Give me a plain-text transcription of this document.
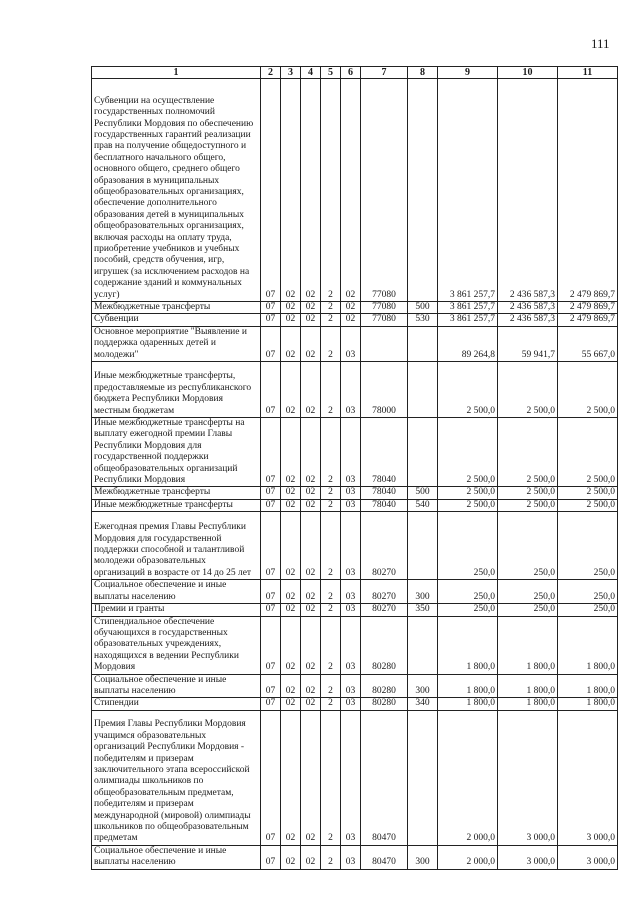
111
1	2	3	4	5	6	7	8	9	10	11
Субвенции на осуществление государственных полномочий Республики Мордовия по обеспечению государственных гарантий реализации прав на получение общедоступного и бесплатного начального общего, основного общего, среднего общего образования в муниципальных общеобразовательных организациях, обеспечение дополнительного образования детей в муниципальных общеобразовательных организациях, включая расходы на оплату труда, приобретение учебников и учебных пособий, средств обучения, игр, игрушек (за исключением расходов на содержание зданий и коммунальных услуг)	07	02	02	2	02	77080		3 861 257,7	2 436 587,3	2 479 869,7
Межбюджетные трансферты	07	02	02	2	02	77080	500	3 861 257,7	2 436 587,3	2 479 869,7
Субвенции	07	02	02	2	02	77080	530	3 861 257,7	2 436 587,3	2 479 869,7
Основное мероприятие "Выявление и поддержка одаренных детей и молодежи"	07	02	02	2	03			89 264,8	59 941,7	55 667,0
Иные межбюджетные трансферты, предоставляемые из республиканского бюджета Республики Мордовия местным бюджетам	07	02	02	2	03	78000		2 500,0	2 500,0	2 500,0
Иные межбюджетные трансферты на выплату ежегодной премии Главы Республики Мордовия для государственной поддержки общеобразовательных организаций Республики Мордовия	07	02	02	2	03	78040		2 500,0	2 500,0	2 500,0
Межбюджетные трансферты	07	02	02	2	03	78040	500	2 500,0	2 500,0	2 500,0
Иные межбюджетные трансферты	07	02	02	2	03	78040	540	2 500,0	2 500,0	2 500,0
Ежегодная премия Главы Республики Мордовия для государственной поддержки способной и талантливой молодежи образовательных организаций в возрасте от 14 до 25 лет	07	02	02	2	03	80270		250,0	250,0	250,0
Социальное обеспечение и иные выплаты населению	07	02	02	2	03	80270	300	250,0	250,0	250,0
Премии и гранты	07	02	02	2	03	80270	350	250,0	250,0	250,0
Стипендиальное обеспечение обучающихся в государственных образовательных учреждениях, находящихся в ведении Республики Мордовия	07	02	02	2	03	80280		1 800,0	1 800,0	1 800,0
Социальное обеспечение и иные выплаты населению	07	02	02	2	03	80280	300	1 800,0	1 800,0	1 800,0
Стипендии	07	02	02	2	03	80280	340	1 800,0	1 800,0	1 800,0
Премия Главы Республики Мордовия учащимся образовательных организаций Республики Мордовия - победителям и призерам заключительного этапа всероссийской олимпиады школьников по общеобразовательным предметам, победителям и призерам международной (мировой) олимпиады школьников по общеобразовательным предметам	07	02	02	2	03	80470		2 000,0	3 000,0	3 000,0
Социальное обеспечение и иные выплаты населению	07	02	02	2	03	80470	300	2 000,0	3 000,0	3 000,0
